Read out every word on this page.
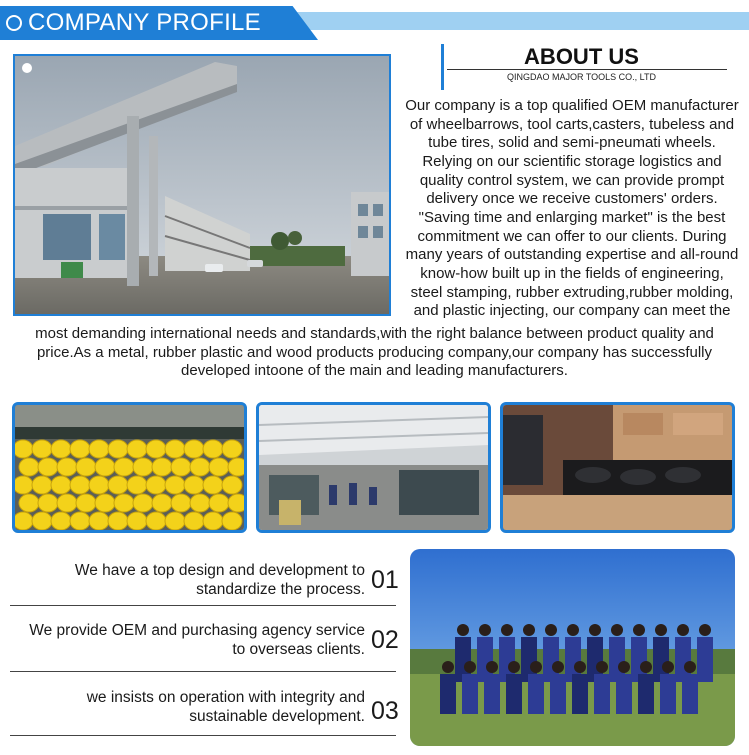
COMPANY PROFILE
ABOUT US
QINGDAO MAJOR TOOLS CO., LTD
Our company is a top qualified OEM manufacturer
of wheelbarrows, tool carts,casters, tubeless and
tube tires, solid and semi-pneumati wheels.
Relying on our scientific storage logistics and
quality control system, we can provide prompt
delivery once we receive customers' orders.
"Saving time and enlarging market" is the best
commitment we can offer to our clients. During
many years of outstanding expertise and all-round
know-how built up in the fields of engineering,
steel stamping, rubber extruding,rubber molding,
and plastic injecting, our company can meet the
most demanding international needs and standards,with the right balance between product quality and
price.As a metal, rubber plastic and wood products producing company,our company has successfully
developed intoone of the main and leading manufacturers.
We have a top design and development to
standardize the process. 01
We provide OEM and purchasing agency service
to overseas clients. 02
we insists on operation with integrity and
sustainable development. 03
